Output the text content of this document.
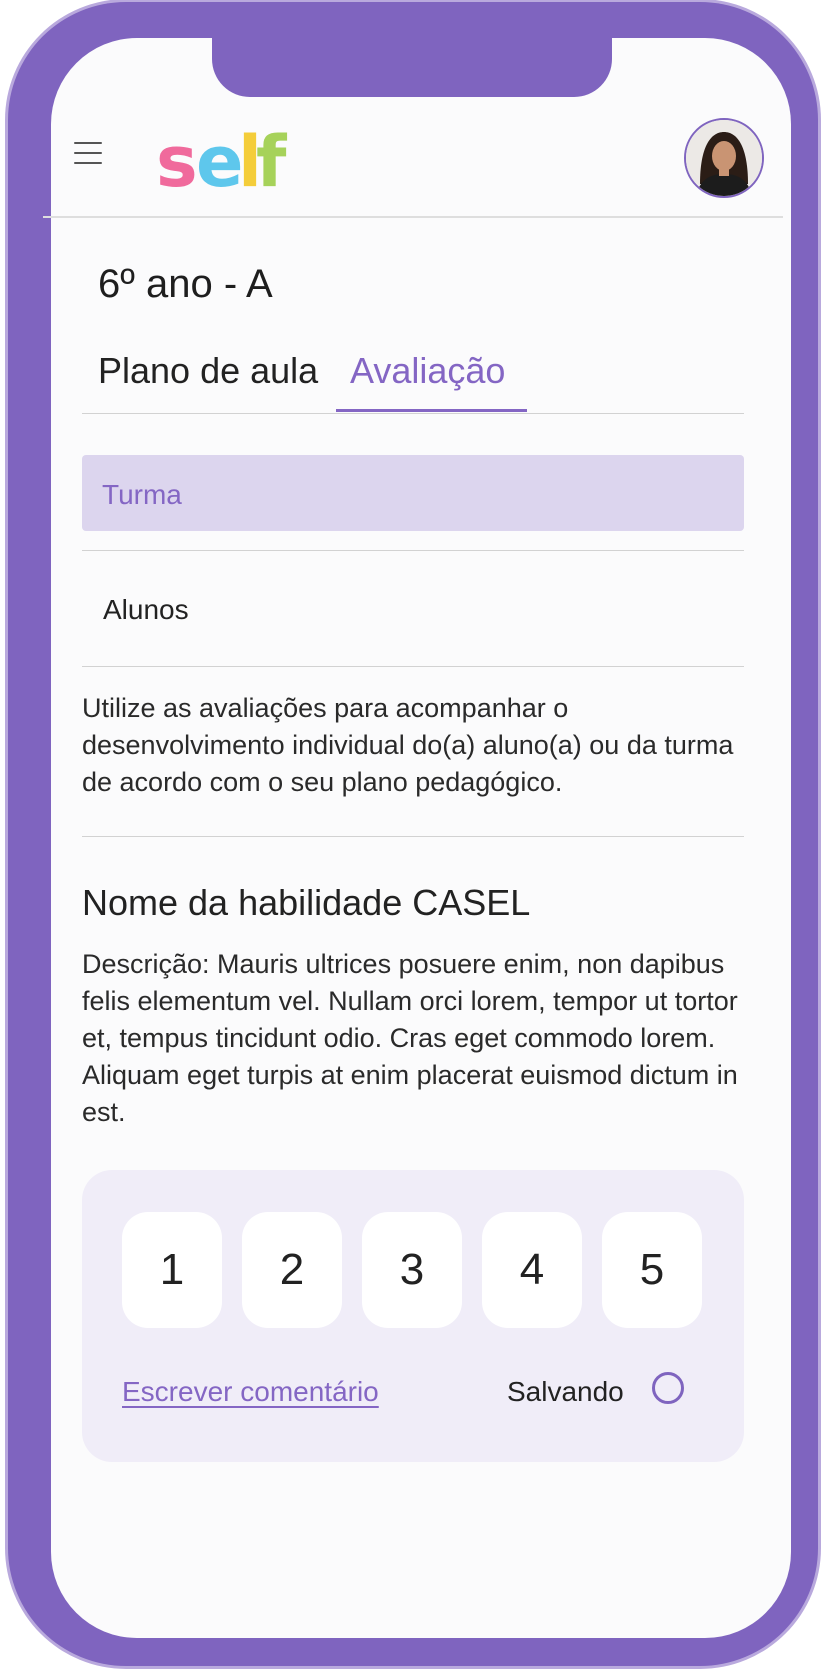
s
e
l
f
6º ano - A
Plano de aula Avaliação
Turma
Alunos
Utilize as avaliações para acompanhar o desenvolvimento individual do(a) aluno(a) ou da turma de acordo com o seu plano pedagógico.
Nome da habilidade CASEL
Descrição: Mauris ultrices posuere enim, non dapibus felis elementum vel. Nullam orci lorem, tempor ut tortor et, tempus tincidunt odio. Cras eget commodo lorem. Aliquam eget turpis at enim placerat euismod dictum in est.
1	2	3	4	5
Escrever comentário	Salvando
